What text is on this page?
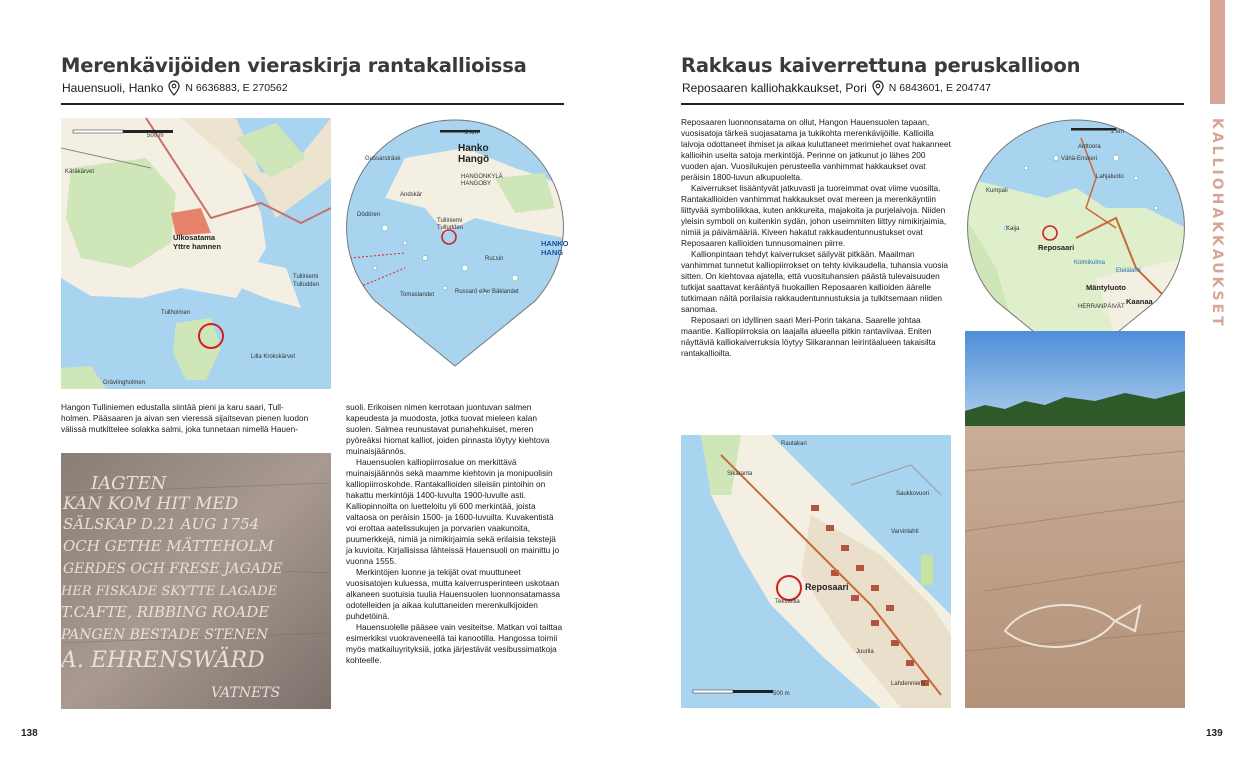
Merenkävijöiden vieraskirja rantakallioissa
Hauensuoli, Hanko N 6636883, E 270562
500 m
Ulkosatama
Yttre hamnen
Tulliniemi
Tulludden
Tullholmen
Lilla Krokskärvet
Grävlingholmen
Käräkärvet
2 km
Hanko
Hangö
Gussarsträsk
HANGONKYLÄ
HANGOBY
Andskär
Dödören
Tulliniemi
Tulludden
Tomaslandet	Russarö eller Bäklandet
Russin
HANKO
HANG
Hangon Tulliniemen edustalla siintää pieni ja karu saari, Tull-
holmen. Pääsaaren ja aivan sen vieressä sijaitsevan pienen luodon
välissä mutkittelee solakka salmi, joka tunnetaan nimellä Hauen-
IAGTEN
KAN KOM HIT MED
SÄLSKAP D.21 AUG 1754
OCH GETHE MÄTTEHOLM
GERDES OCH FRESE JAGADE
HER FISKADE SKYTTE LAGADE
T.CAFTE, RIBBING ROADE
PANGEN BESTADE STENEN
A. EHRENSWÄRD
VATNETS

suoli. Erikoisen nimen kerrotaan juontuvan salmen kapeudesta ja muodosta, jotka tuovat mieleen kalan suolen. Salmea reunustavat punahehkuiset, meren pyöreäksi hiomat kalliot, joiden pinnasta löytyy kiehtova muinaisjäännös.

Hauensuolen kalliopiirrosalue on merkittävä muinaisjäännös sekä maamme kiehtovin ja monipuolisin kalliopiirroskohde. Rantakallioiden sileisiin pintoihin on hakattu merkintöjä 1400-luvulta 1900-luvulle asti. Kalliopinnoilta on luetteloitu yli 600 merkintää, joista valtaosa on peräisin 1500- ja 1600-luvuilta. Kuvakentistä voi erottaa aatelissukujen ja porvarien vaakunoita, puumerkkejä, nimiä ja nimikirjaimia sekä erilaisia tekstejä ja kuvioita. Kirjallisissa lähteissä Hauensuoli on mainittu jo vuonna 1555.

Merkintöjen luonne ja tekijät ovat muuttuneet vuosisatojen kuluessa, mutta kaiverrusperinteen uskotaan alkaneen suotuisia tuulia Hauensuolen luonnonsatamassa odotelleiden ja aikaa kuluttaneiden merenkulkijoiden puhdetöinä.

Hauensuolelle pääsee vain vesiteitse. Matkan voi taittaa esimerkiksi vuokraveneellä tai kanootilla. Hangossa toimii myös matkailuyrityksiä, jotka järjestävät vesibussimatkoja kohteelle.

138
Rakkaus kaiverrettuna peruskallioon
Reposaaren kalliohakkaukset, Pori N 6843601, E 204747
KALLIOHAKKAUKSET

Reposaaren luonnonsatama on ollut, Hangon Hauensuolen tapaan, vuosisatoja tärkeä suojasatama ja tukikohta merenkävijöille. Kallioilla laivoja odottaneet ihmiset ja aikaa kuluttaneet merimiehet ovat hakanneet kallioihin useita satoja merkintöjä. Perinne on jatkunut jo lähes 200 vuoden ajan. Vuosilukujen perusteella vanhimmat hakkaukset ovat peräisin 1800-luvun alkupuolelta.

Kaiverrukset lisääntyvät jatkuvasti ja tuoreimmat ovat viime vuosilta. Rantakallioiden vanhimmat hakkaukset ovat mereen ja merenkäyntiin liittyvää symboliikkaa, kuten ankkureita, majakoita ja purjelaivoja. Niiden yleisin symboli on kuitenkin sydän, johon useimmiten liittyy nimikirjaimia, nimiä ja päivämääriä. Kiveen hakatut rakkaudentunnustukset ovat Reposaaren kallioiden tunnusomainen piirre.

Kallionpintaan tehdyt kaiverrukset säilyvät pitkään. Maailman vanhimmat tunnetut kalliopiirrokset on tehty kivikaudella, tuhansia vuosia sitten. On kiehtovaa ajatella, että vuosituhansien päästä tulevaisuuden tutkijat saattavat kerääntyä huokaillen Reposaaren kallioiden äärelle tutkimaan näitä porilaisia rakkaudentunnustuksia ja tulkitsemaan niiden sanomaa.

Reposaari on idyllinen saari Meri-Porin takana. Saarelle johtaa maantie. Kalliopiirroksia on laajalla alueella pitkin rantaviivaa. Eniten näyttäviä kalliokaiverruksia löytyy Siikarannan leirintäalueen takaisilta rantakallioilta.

2 km
Anttoora
Vähä-Enskeri
Lahjaluoto
Kumpali
Reposaari
Kaija
Mäntyluoto
Kaanaa
HERRANPÄIVÄT
Kolmikulma
Etelälahti
500 m
Reposaari
Sikaranta
Rautakari
Saukkovuori
Varvinlahti
Tekstellia
Juurila
Lahdenniemi
139
